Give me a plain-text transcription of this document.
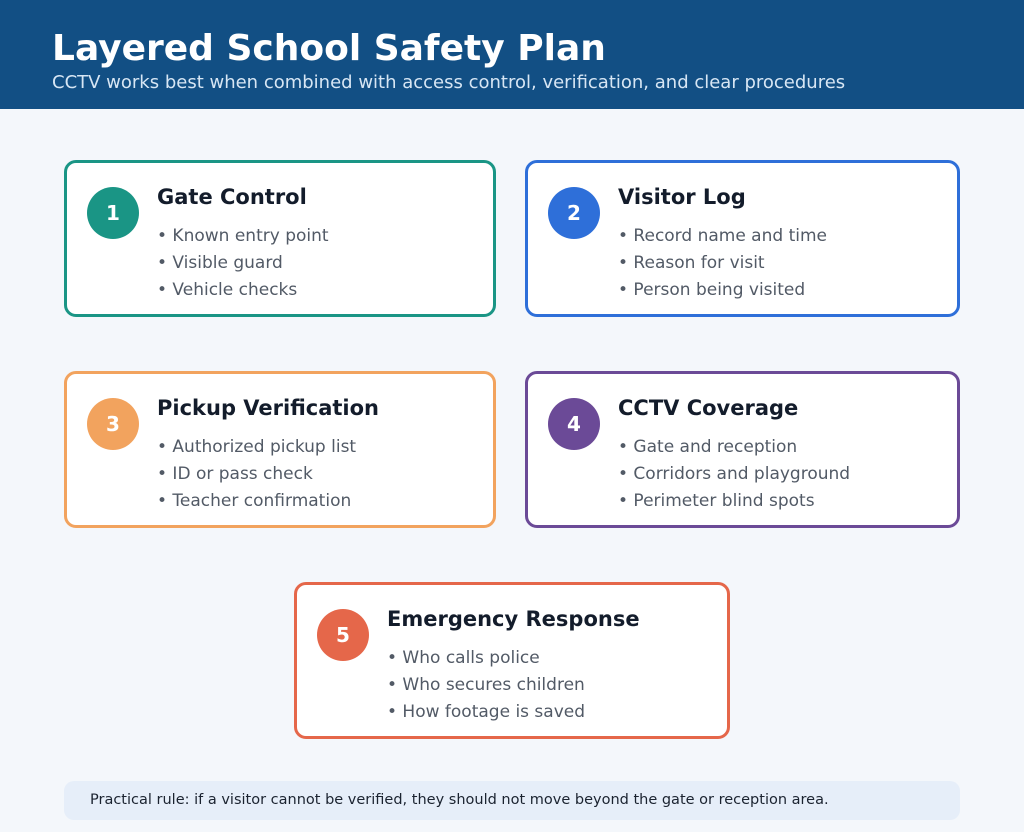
Layered School Safety Plan
CCTV works best when combined with access control, verification, and clear procedures
1
Gate Control
• Known entry point
• Visible guard
• Vehicle checks
2
Visitor Log
• Record name and time
• Reason for visit
• Person being visited
3
Pickup Verification
• Authorized pickup list
• ID or pass check
• Teacher confirmation
4
CCTV Coverage
• Gate and reception
• Corridors and playground
• Perimeter blind spots
5
Emergency Response
• Who calls police
• Who secures children
• How footage is saved
Practical rule: if a visitor cannot be verified, they should not move beyond the gate or reception area.
